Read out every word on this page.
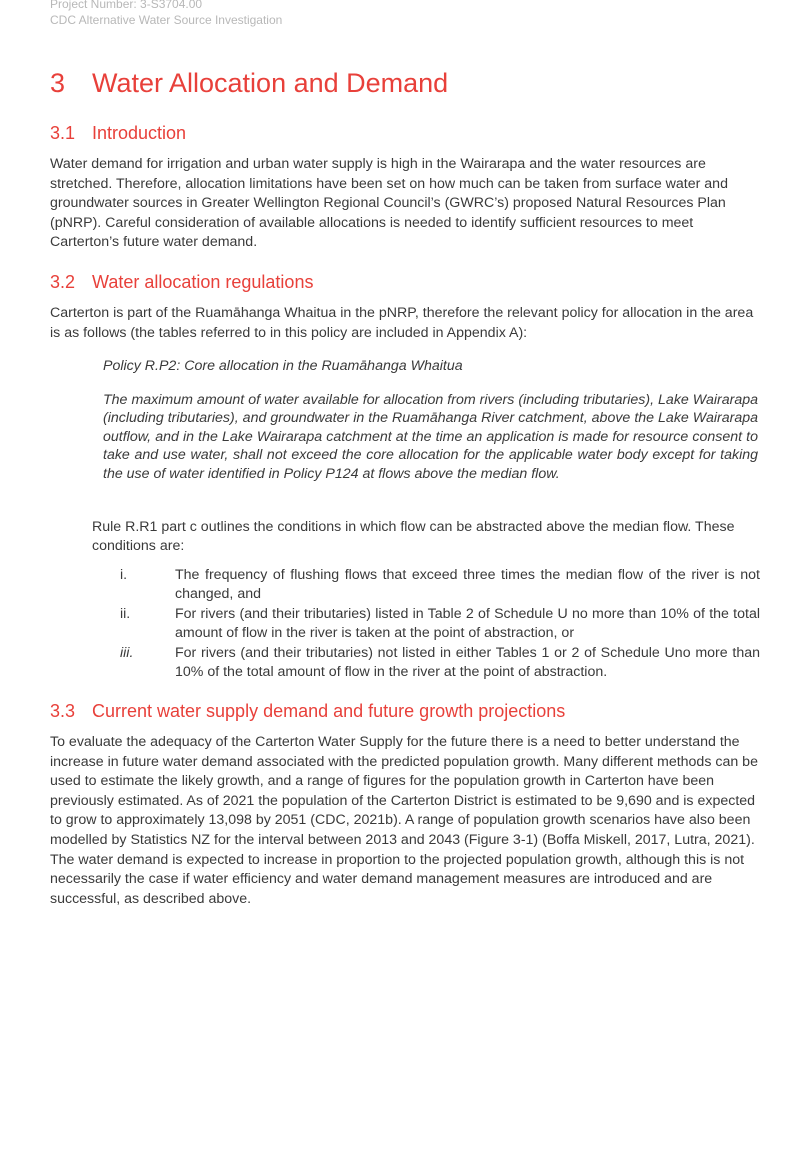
Project Number: 3-S3704.00
CDC Alternative Water Source Investigation
3 Water Allocation and Demand
3.1 Introduction
Water demand for irrigation and urban water supply is high in the Wairarapa and the water resources are stretched. Therefore, allocation limitations have been set on how much can be taken from surface water and groundwater sources in Greater Wellington Regional Council’s (GWRC’s) proposed Natural Resources Plan (pNRP). Careful consideration of available allocations is needed to identify sufficient resources to meet Carterton’s future water demand.
3.2 Water allocation regulations
Carterton is part of the Ruamāhanga Whaitua in the pNRP, therefore the relevant policy for allocation in the area is as follows (the tables referred to in this policy are included in Appendix A):
Policy R.P2: Core allocation in the Ruamāhanga Whaitua
The maximum amount of water available for allocation from rivers (including tributaries), Lake Wairarapa (including tributaries), and groundwater in the Ruamāhanga River catchment, above the Lake Wairarapa outflow, and in the Lake Wairarapa catchment at the time an application is made for resource consent to take and use water, shall not exceed the core allocation for the applicable water body except for taking the use of water identified in Policy P124 at flows above the median flow.
Rule R.R1 part c outlines the conditions in which flow can be abstracted above the median flow. These conditions are:
i.	The frequency of flushing flows that exceed three times the median flow of the river is not changed, and
ii.	For rivers (and their tributaries) listed in Table 2 of Schedule U no more than 10% of the total amount of flow in the river is taken at the point of abstraction, or
iii.	For rivers (and their tributaries) not listed in either Tables 1 or 2 of Schedule Uno more than 10% of the total amount of flow in the river at the point of abstraction.
3.3 Current water supply demand and future growth projections
To evaluate the adequacy of the Carterton Water Supply for the future there is a need to better understand the increase in future water demand associated with the predicted population growth. Many different methods can be used to estimate the likely growth, and a range of figures for the population growth in Carterton have been previously estimated. As of 2021 the population of the Carterton District is estimated to be 9,690 and is expected to grow to approximately 13,098 by 2051 (CDC, 2021b). A range of population growth scenarios have also been modelled by Statistics NZ for the interval between 2013 and 2043 (Figure 3-1) (Boffa Miskell, 2017, Lutra, 2021). The water demand is expected to increase in proportion to the projected population growth, although this is not necessarily the case if water efficiency and water demand management measures are introduced and are successful, as described above.
